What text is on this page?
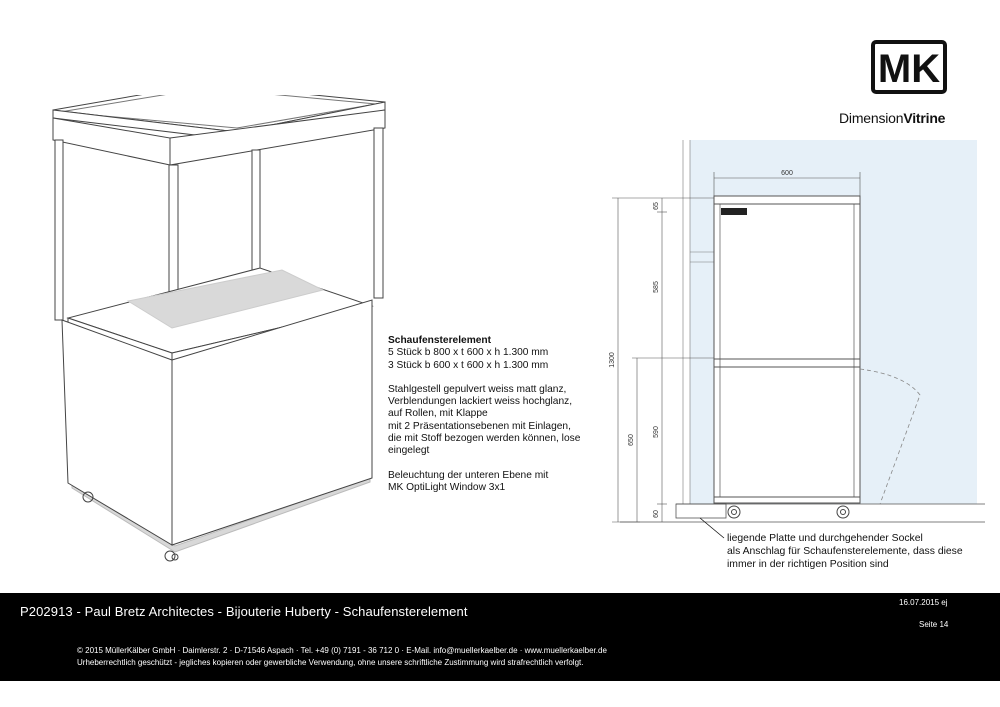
MK
DimensionVitrine
Schaufensterelement
5 Stück b 800 x t 600 x h 1.300 mm
3 Stück b 600 x t 600 x h 1.300 mm
Stahlgestell gepulvert weiss matt glanz,
Verblendungen lackiert weiss hochglanz,
auf Rollen, mit Klappe
mit 2 Präsentationsebenen mit Einlagen,
die mit Stoff bezogen werden können, lose
eingelegt
Beleuchtung der unteren Ebene mit
MK OptiLight Window 3x1
600
1300
650
65
585
590
60
liegende Platte und durchgehender Sockel
als Anschlag für Schaufensterelemente, dass diese
immer in der richtigen Position sind
P202913 - Paul Bretz Architectes - Bijouterie Huberty - Schaufensterelement
16.07.2015 ej
Seite 14
© 2015 MüllerKälber GmbH · Daimlerstr. 2 · D-71546 Aspach · Tel. +49 (0) 7191 - 36 712 0 · E-Mail. info@muellerkaelber.de · www.muellerkaelber.de
Urheberrechtlich geschützt - jegliches kopieren oder gewerbliche Verwendung, ohne unsere schriftliche Zustimmung wird strafrechtlich verfolgt.
